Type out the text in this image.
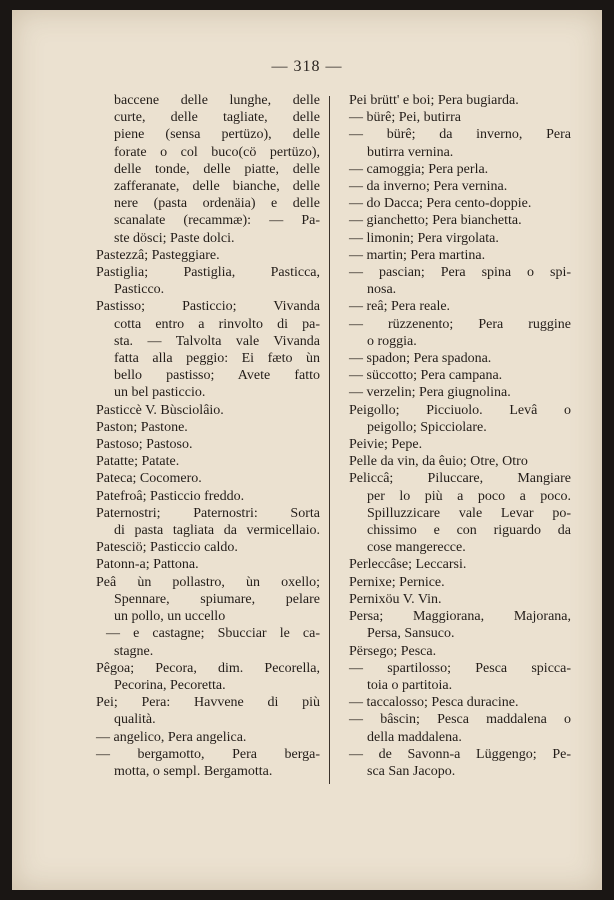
— 318 —
baccene delle lunghe, delle
curte, delle tagliate, delle
piene (sensa pertüzo), delle
forate o col buco(cö pertüzo),
delle tonde, delle piatte, delle
zafferanate, delle bianche, delle
nere (pasta ordenäia) e delle
scanalate (recammæ): — Pa-
ste dösci; Paste dolci.
Pastezzâ; Pasteggiare.
Pastiglia; Pastiglia, Pasticca,
Pasticco.
Pastisso; Pasticcio; Vivanda
cotta entro a rinvolto di pa-
sta. — Talvolta vale Vivanda
fatta alla peggio: Ei fæto ùn
bello pastisso; Avete fatto
un bel pasticcio.
Pasticcè V. Bùsciolâio.
Paston; Pastone.
Pastoso; Pastoso.
Patatte; Patate.
Pateca; Cocomero.
Patefroâ; Pasticcio freddo.
Paternostri; Paternostri: Sorta
di pasta tagliata da vermicellaio.
Patesciö; Pasticcio caldo.
Patonn-a; Pattona.
Peâ ùn pollastro, ùn oxello;
Spennare, spiumare, pelare
un pollo, un uccello
— e castagne; Sbucciar le ca-
stagne.
Pêgoa; Pecora, dim. Pecorella,
Pecorina, Pecoretta.
Pei; Pera: Havvene di più
qualità.
— angelico, Pera angelica.
— bergamotto, Pera berga-
motta, o sempl. Bergamotta.
Pei brütt' e boi; Pera bugiarda.
— bürê; Pei, butirra
— bürê; da inverno, Pera
butirra vernina.
— camoggia; Pera perla.
— da inverno; Pera vernina.
— do Dacca; Pera cento-doppie.
— gianchetto; Pera bianchetta.
— limonin; Pera virgolata.
— martin; Pera martina.
— pascian; Pera spina o spi-
nosa.
— reâ; Pera reale.
— rüzzenento; Pera ruggine
o roggia.
— spadon; Pera spadona.
— süccotto; Pera campana.
— verzelin; Pera giugnolina.
Peigollo; Picciuolo. Levâ o
peigollo; Spicciolare.
Peivie; Pepe.
Pelle da vin, da êuio; Otre, Otro
Peliccâ; Piluccare, Mangiare
per lo più a poco a poco.
Spilluzzicare vale Levar po-
chissimo e con riguardo da
cose mangerecce.
Perleccâse; Leccarsi.
Pernixe; Pernice.
Pernixöu V. Vin.
Persa; Maggiorana, Majorana,
Persa, Sansuco.
Përsego; Pesca.
— spartilosso; Pesca spicca-
toia o partitoia.
— taccalosso; Pesca duracine.
— bâscin; Pesca maddalena o
della maddalena.
— de Savonn-a Lüggengo; Pe-
sca San Jacopo.
